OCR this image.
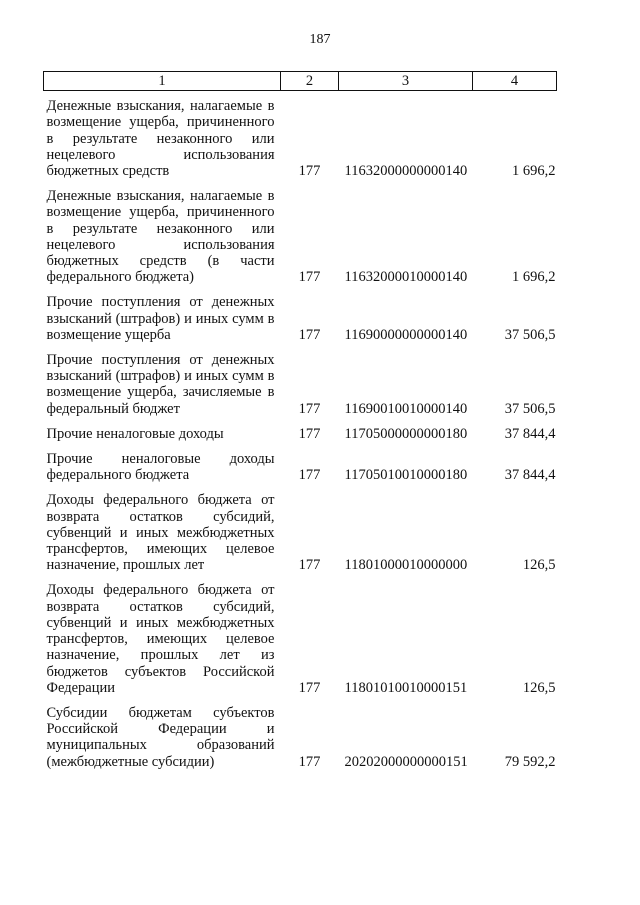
187
1	2	3	4
Денежные взыскания, налагаемые в возмещение ущерба, причиненного в результате незаконного или нецелевого использования бюджетных средств	177	11632000000000140	1 696,2
Денежные взыскания, налагаемые в возмещение ущерба, причиненного в результате незаконного или нецелевого использования бюджетных средств (в части федерального бюджета)	177	11632000010000140	1 696,2
Прочие поступления от денежных взысканий (штрафов) и иных сумм в возмещение ущерба	177	11690000000000140	37 506,5
Прочие поступления от денежных взысканий (штрафов) и иных сумм в возмещение ущерба, зачисляемые в федеральный бюджет	177	11690010010000140	37 506,5
Прочие неналоговые доходы	177	11705000000000180	37 844,4
Прочие неналоговые доходы федерального бюджета	177	11705010010000180	37 844,4
Доходы федерального бюджета от возврата остатков субсидий, субвенций и иных межбюджетных трансфертов, имеющих целевое назначение, прошлых лет	177	11801000010000000	126,5
Доходы федерального бюджета от возврата остатков субсидий, субвенций и иных межбюджетных трансфертов, имеющих целевое назначение, прошлых лет из бюджетов субъектов Российской Федерации	177	11801010010000151	126,5
Субсидии бюджетам субъектов Российской Федерации и муниципальных образований (межбюджетные субсидии)	177	20202000000000151	79 592,2
